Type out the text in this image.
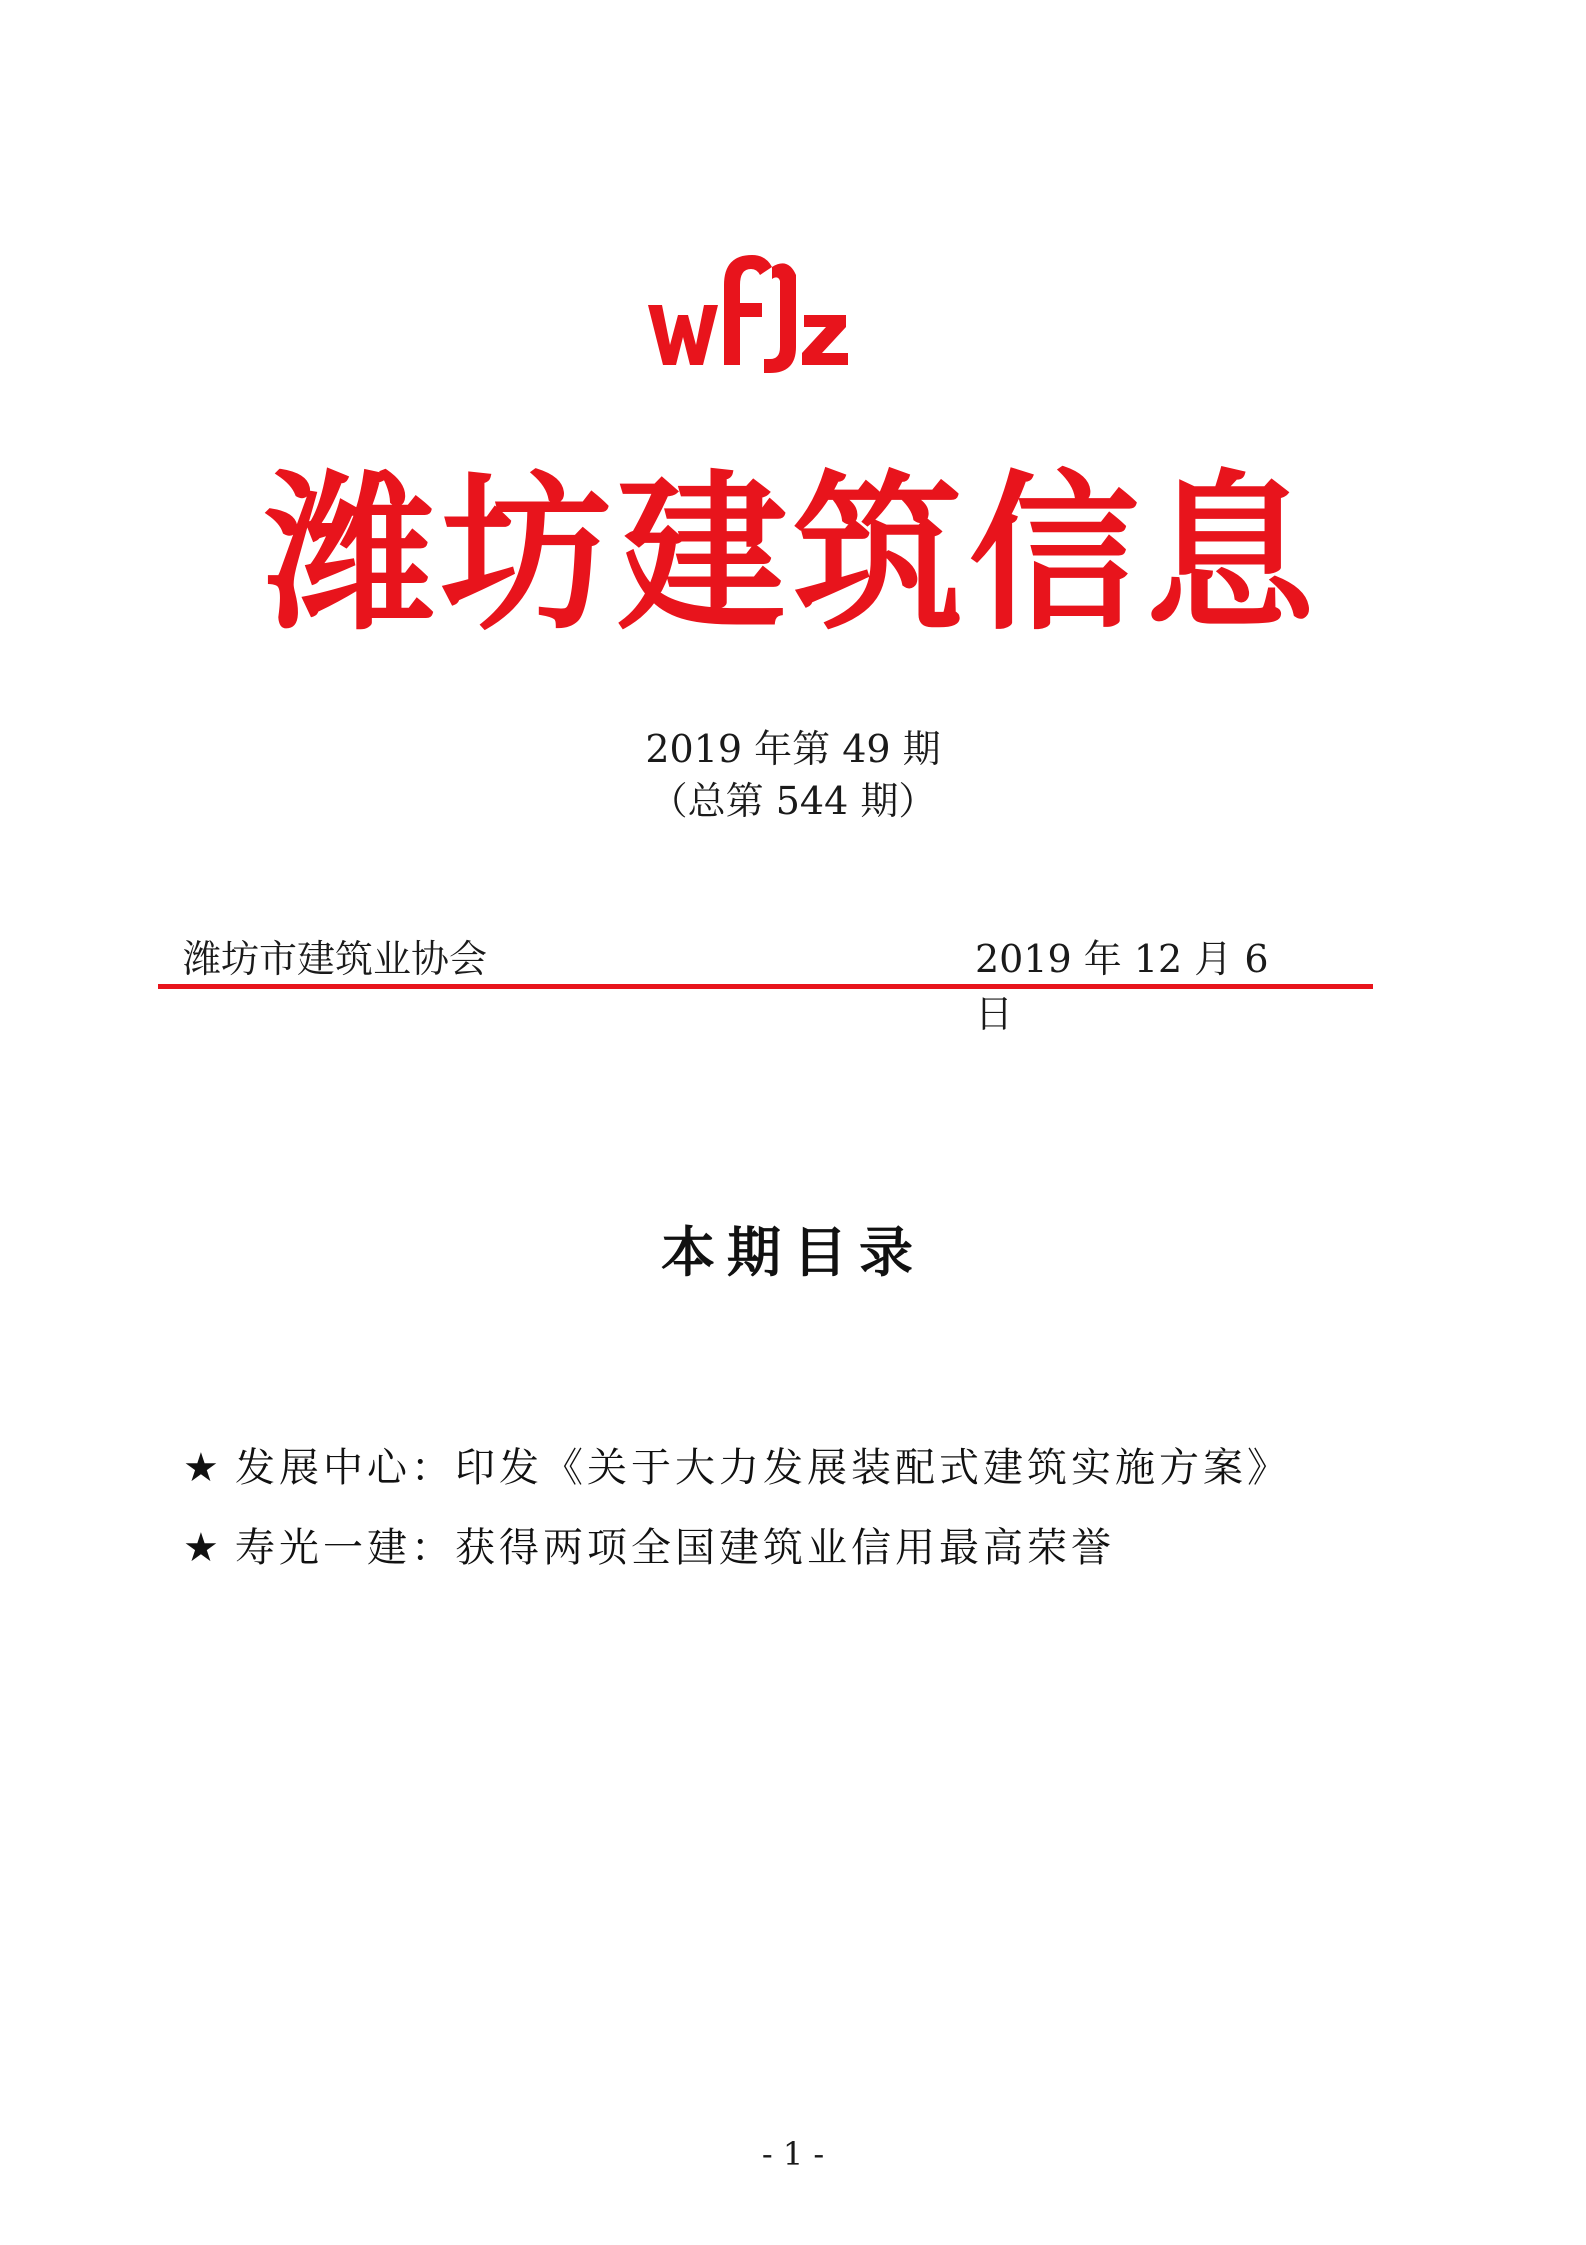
潍坊建筑信息
2019 年第 49 期
（总第 544 期）
潍坊市建筑业协会	2019 年 12 月 6 日
本期目录
★ 发展中心：印发《关于大力发展装配式建筑实施方案》
★ 寿光一建：获得两项全国建筑业信用最高荣誉
- 1 -
